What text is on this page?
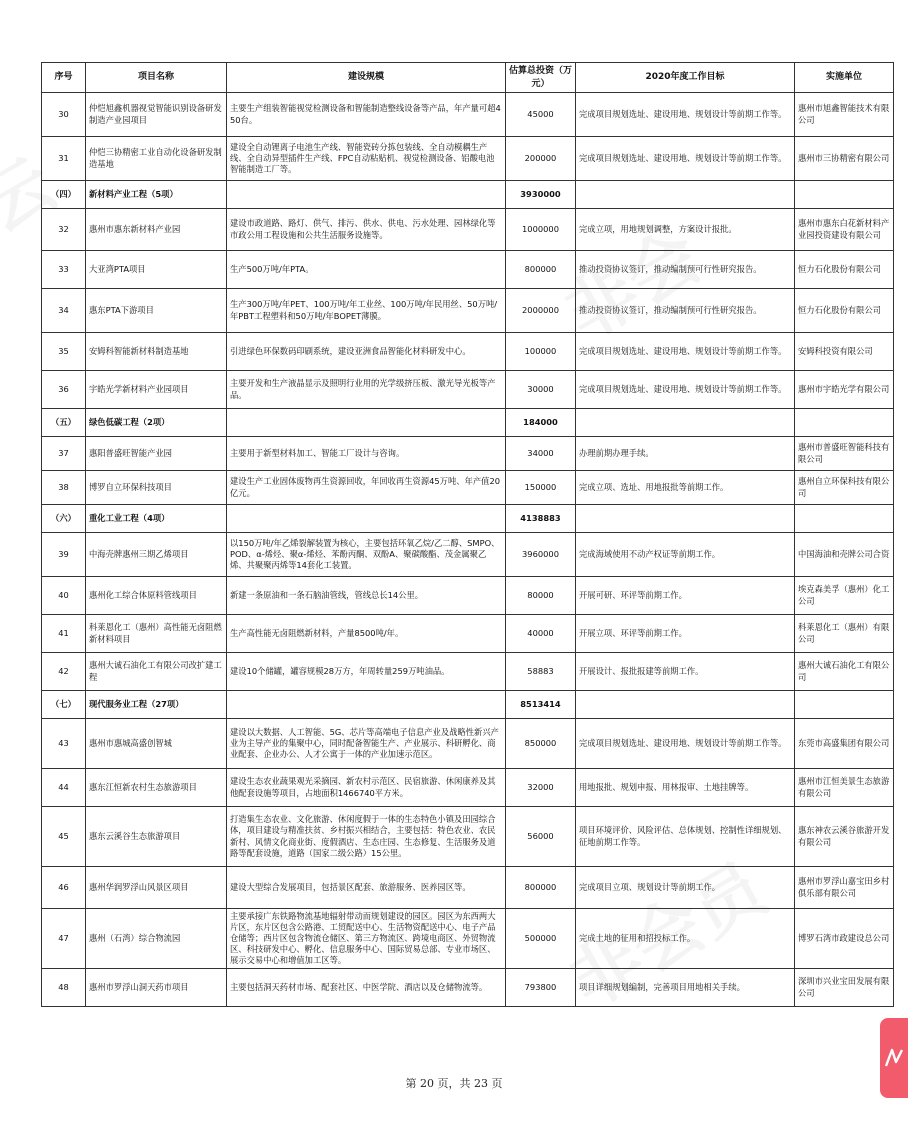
序号	项目名称	建设规模	估算总投资（万元）	2020年度工作目标	实施单位
30	仲恺旭鑫机器视觉智能识别设备研发制造产业园项目	主要生产组装智能视觉检测设备和智能制造整线设备等产品，年产量可超450台。	45000	完成项目规划选址、建设用地、规划设计等前期工作等。	惠州市旭鑫智能技术有限公司
31	仲恺三协精密工业自动化设备研发制造基地	建设全自动锂离子电池生产线、智能瓷砖分拣包装线、全自动模耦生产线、全自动异型插件生产线、FPC自动粘贴机、视觉检测设备、铝酸电池智能制造工厂等。	200000	完成项目规划选址、建设用地、规划设计等前期工作等。	惠州市三协精密有限公司
（四）	新材料产业工程（5项）		3930000		
32	惠州市惠东新材料产业园	建设市政道路、路灯、供气、排污、供水、供电、污水处理、园林绿化等市政公用工程设施和公共生活服务设施等。	1000000	完成立项，用地规划调整，方案设计报批。	惠州市惠东白花新材料产业园投资建设有限公司
33	大亚湾PTA项目	生产500万吨/年PTA。	800000	推动投资协议签订，推动编制预可行性研究报告。	恒力石化股份有限公司
34	惠东PTA下游项目	生产300万吨/年PET、100万吨/年工业丝、100万吨/年民用丝、50万吨/年PBT工程塑料和50万吨/年BOPET薄膜。	2000000	推动投资协议签订，推动编制预可行性研究报告。	恒力石化股份有限公司
35	安姆科智能新材料制造基地	引进绿色环保数码印刷系统，建设亚洲食品智能化材料研发中心。	100000	完成项目规划选址、建设用地、规划设计等前期工作等。	安姆科投资有限公司
36	宇皓光学新材料产业园项目	主要开发和生产液晶显示及照明行业用的光学级挤压板、激光导光板等产品。	30000	完成项目规划选址、建设用地、规划设计等前期工作等。	惠州市宇皓光学有限公司
（五）	绿色低碳工程（2项）		184000		
37	惠阳普盛旺智能产业园	主要用于新型材料加工、智能工厂设计与咨询。	34000	办理前期办理手续。	惠州市普盛旺智能科技有限公司
38	博罗自立环保科技项目	建设生产工业固体废物再生资源回收，年回收再生资源45万吨、年产值20亿元。	150000	完成立项、选址、用地报批等前期工作。	惠州自立环保科技有限公司
（六）	重化工业工程（4项）		4138883		
39	中海壳牌惠州三期乙烯项目	以150万吨/年乙烯裂解装置为核心，主要包括环氧乙烷/乙二醇、SMPO、POD、α-烯烃、聚α-烯烃、苯酚丙酮、双酚A、聚碳酸酯、茂金属聚乙烯、共聚聚丙烯等14套化工装置。	3960000	完成海域使用不动产权证等前期工作。	中国海油和壳牌公司合资
40	惠州化工综合体原料管线项目	新建一条原油和一条石脑油管线，管线总长14公里。	80000	开展可研、环评等前期工作。	埃克森美孚（惠州）化工公司
41	科莱恩化工（惠州）高性能无卤阻燃新材料项目	生产高性能无卤阻燃新材料，产量8500吨/年。	40000	开展立项、环评等前期工作。	科莱恩化工（惠州）有限公司
42	惠州大诚石油化工有限公司改扩建工程	建设10个储罐，罐容规模28万方，年周转量259万吨油品。	58883	开展设计、报批报建等前期工作。	惠州大诚石油化工有限公司
（七）	现代服务业工程（27项）		8513414		
43	惠州市惠城高盛创智城	建设以大数据、人工智能、5G、芯片等高端电子信息产业及战略性新兴产业为主导产业的集聚中心，同时配备智能生产、产业展示、科研孵化、商业配套、企业办公、人才公寓于一体的产业加速示范区。	850000	完成项目规划选址、建设用地、规划设计等前期工作等。	东莞市高盛集团有限公司
44	惠东江恒新农村生态旅游项目	建设生态农业蔬果观光采摘园、新农村示范区、民宿旅游、休闲康养及其他配套设施等项目，占地面积1466740平方米。	32000	用地报批、规划申报、用林报审、土地挂牌等。	惠州市江恒美景生态旅游有限公司
45	惠东云溪谷生态旅游项目	打造集生态农业、文化旅游、休闲度假于一体的生态特色小镇及田园综合体，项目建设与精准扶贫、乡村振兴相结合，主要包括：特色农业、农民新村、风情文化商业街、度假酒店、生态庄园、生态修复、生活服务及道路等配套设施，道路（国家二级公路）15公里。	56000	项目环境评价、风险评估、总体规划、控制性详细规划、征地前期工作等。	惠东神农云溪谷旅游开发有限公司
46	惠州华润罗浮山风景区项目	建设大型综合发展项目，包括景区配套、旅游服务、医养园区等。	800000	完成项目立项、规划设计等前期工作。	惠州市罗浮山嘉宝田乡村俱乐部有限公司
47	惠州（石湾）综合物流园	主要承接广东铁路物流基地辐射带动而规划建设的园区。园区为东西两大片区，东片区包含公路港、工贸配送中心、生活物资配送中心、电子产品仓储等；西片区包含物流仓储区、第三方物流区、跨境电商区、外贸物流区、科技研发中心、孵化、信息服务中心、国际贸易总部、专业市场区、展示交易中心和增值加工区等。	500000	完成土地的征用和招投标工作。	博罗石湾市政建设总公司
48	惠州市罗浮山洞天药市项目	主要包括洞天药材市场、配套社区、中医学院、酒店以及仓储物流等。	793800	项目详细规划编制，完善项目用地相关手续。	深圳市兴业宝田发展有限公司
第 20 页，共 23 页
